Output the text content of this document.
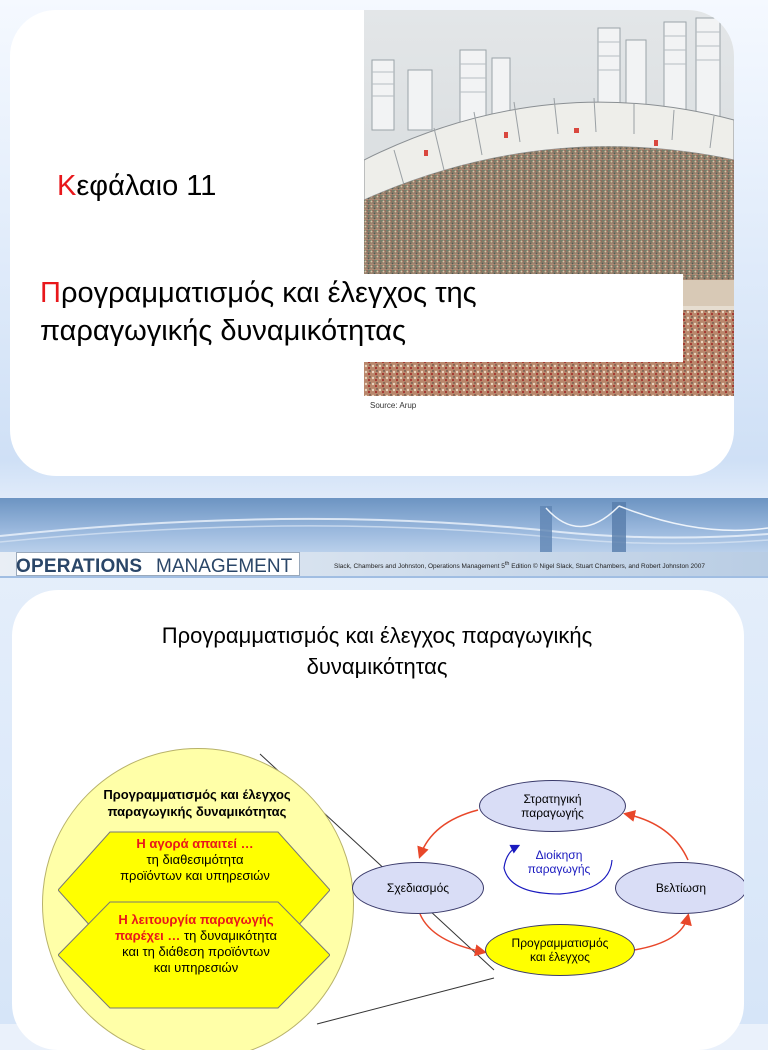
Κεφάλαιο 11
Προγραμματισμός και έλεγχος της
παραγωγικής δυναμικότητας
Source: Arup
OPERATIONS MANAGEMENT	Slack, Chambers and Johnston, Operations Management 5th Edition © Nigel Slack, Stuart Chambers, and Robert Johnston 2007
Προγραμματισμός και έλεγχος παραγωγικής
δυναμικότητας
Προγραμματισμός και έλεγχος
παραγωγικής δυναμικότητας
Η αγορά απαιτεί …
τη διαθεσιμότητα
προϊόντων και υπηρεσιών
Η λειτουργία παραγωγής
παρέχει … τη δυναμικότητα
και τη διάθεση προϊόντων
και υπηρεσιών
Στρατηγική
παραγωγής
Σχεδιασμός	Βελτίωση
Προγραμματισμός
και έλεγχος
Διοίκηση
παραγωγής
